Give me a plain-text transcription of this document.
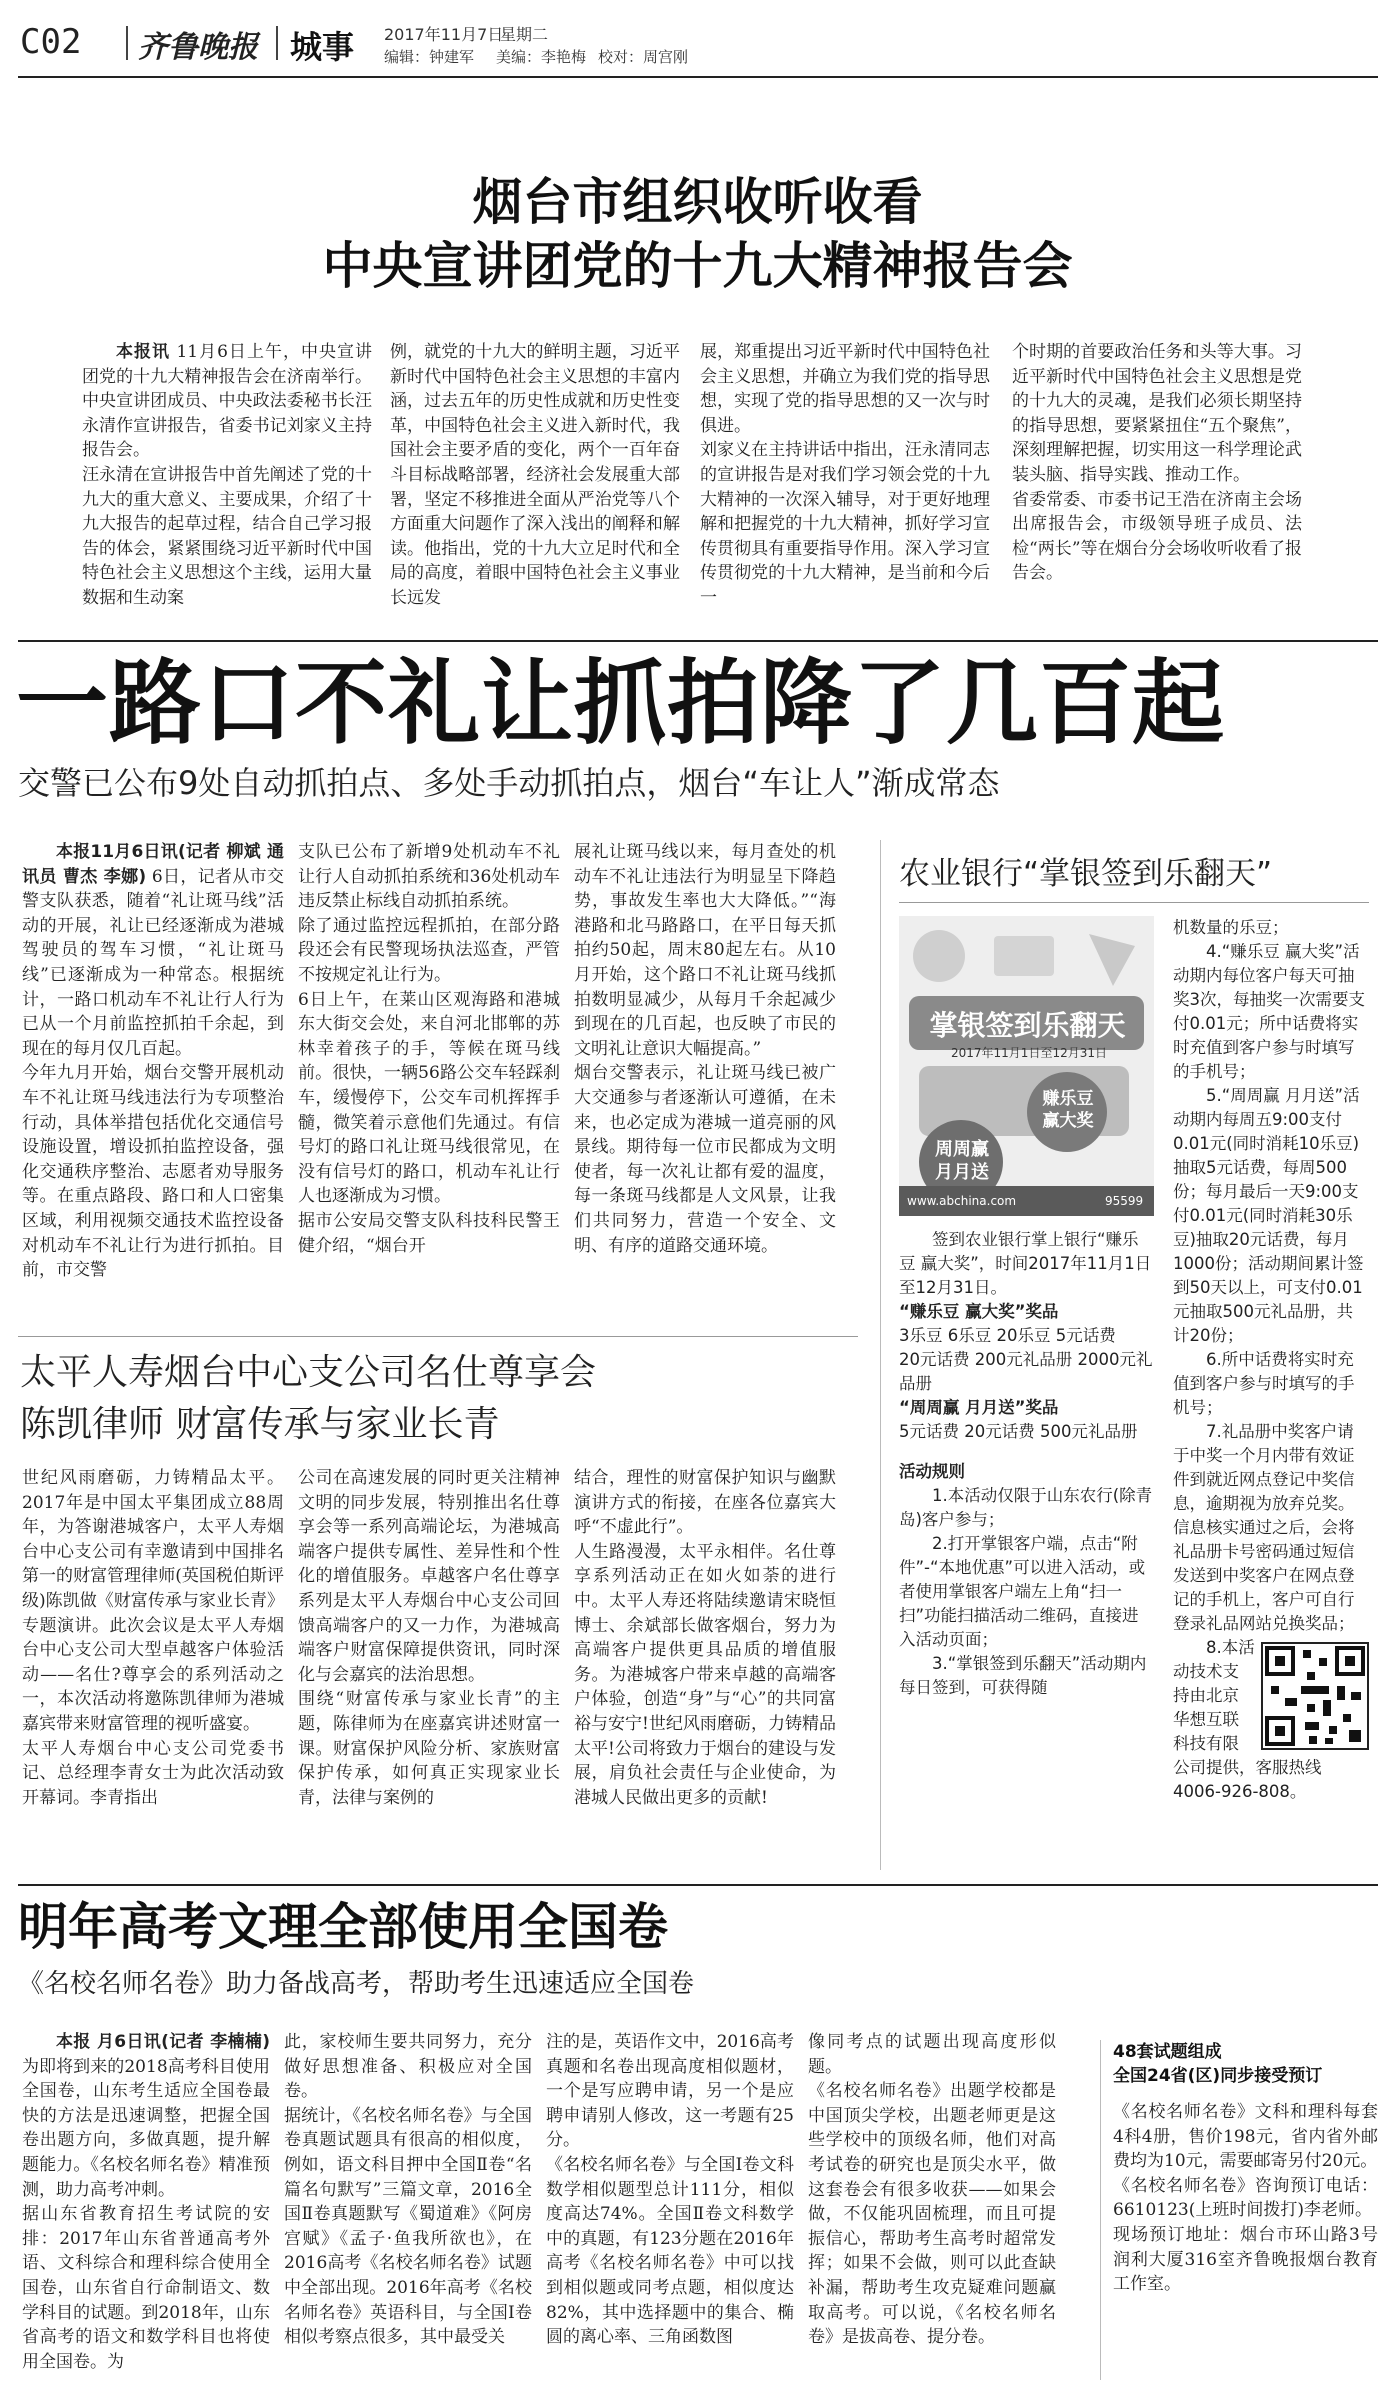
C02 齐鲁晚报 城事 2017年11月7日
星期二
编辑：钟建军 美编：李艳梅 校对：周宫刚
烟台市组织收听收看
中央宣讲团党的十九大精神报告会
本报讯 11月6日上午，中央宣讲团党的十九大精神报告会在济南举行。中央宣讲团成员、中央政法委秘书长汪永清作宣讲报告，省委书记刘家义主持报告会。
汪永清在宣讲报告中首先阐述了党的十九大的重大意义、主要成果，介绍了十九大报告的起草过程，结合自己学习报告的体会，紧紧围绕习近平新时代中国特色社会主义思想这个主线，运用大量数据和生动案
例，就党的十九大的鲜明主题，习近平新时代中国特色社会主义思想的丰富内涵，过去五年的历史性成就和历史性变革，中国特色社会主义进入新时代，我国社会主要矛盾的变化，两个一百年奋斗目标战略部署，经济社会发展重大部署，坚定不移推进全面从严治党等八个方面重大问题作了深入浅出的阐释和解读。他指出，党的十九大立足时代和全局的高度，着眼中国特色社会主义事业长远发
展，郑重提出习近平新时代中国特色社会主义思想，并确立为我们党的指导思想，实现了党的指导思想的又一次与时俱进。
刘家义在主持讲话中指出，汪永清同志的宣讲报告是对我们学习领会党的十九大精神的一次深入辅导，对于更好地理解和把握党的十九大精神，抓好学习宣传贯彻具有重要指导作用。深入学习宣传贯彻党的十九大精神，是当前和今后一
个时期的首要政治任务和头等大事。习近平新时代中国特色社会主义思想是党的十九大的灵魂，是我们必须长期坚持的指导思想，要紧紧扭住“五个聚焦”，深刻理解把握，切实用这一科学理论武装头脑、指导实践、推动工作。
省委常委、市委书记王浩在济南主会场出席报告会，市级领导班子成员、法检“两长”等在烟台分会场收听收看了报告会。
一路口不礼让抓拍降了几百起
交警已公布9处自动抓拍点、多处手动抓拍点，烟台“车让人”渐成常态
本报11月6日讯(记者 柳斌 通讯员 曹杰 李娜) 6日，记者从市交警支队获悉，随着“礼让斑马线”活动的开展，礼让已经逐渐成为港城驾驶员的驾车习惯，“礼让斑马线”已逐渐成为一种常态。根据统计，一路口机动车不礼让行人行为已从一个月前监控抓拍千余起，到现在的每月仅几百起。
今年九月开始，烟台交警开展机动车不礼让斑马线违法行为专项整治行动，具体举措包括优化交通信号设施设置，增设抓拍监控设备，强化交通秩序整治、志愿者劝导服务等。在重点路段、路口和人口密集区域，利用视频交通技术监控设备对机动车不礼让行为进行抓拍。目前，市交警
支队已公布了新增9处机动车不礼让行人自动抓拍系统和36处机动车违反禁止标线自动抓拍系统。
除了通过监控远程抓拍，在部分路段还会有民警现场执法巡查，严管不按规定礼让行为。
6日上午，在莱山区观海路和港城东大街交会处，来自河北邯郸的苏林幸着孩子的手，等候在斑马线前。很快，一辆56路公交车轻踩刹车，缓慢停下，公交车司机挥挥手髓，微笑着示意他们先通过。有信号灯的路口礼让斑马线很常见，在没有信号灯的路口，机动车礼让行人也逐渐成为习惯。
据市公安局交警支队科技科民警王健介绍，“烟台开
展礼让斑马线以来，每月查处的机动车不礼让违法行为明显呈下降趋势，事故发生率也大大降低。”“海港路和北马路路口，在平日每天抓拍约50起，周末80起左右。从10月开始，这个路口不礼让斑马线抓拍数明显减少，从每月千余起减少到现在的几百起，也反映了市民的文明礼让意识大幅提高。”
烟台交警表示，礼让斑马线已被广大交通参与者逐渐认可遵循，在未来，也必定成为港城一道亮丽的风景线。期待每一位市民都成为文明使者，每一次礼让都有爱的温度，每一条斑马线都是人文风景，让我们共同努力，营造一个安全、文明、有序的道路交通环境。
农业银行“掌银签到乐翻天”
掌银签到乐翻天
2017年11月1日至12月31日
赚乐豆 赢大奖
周周赢 月月送
www.abchina.com	95599

签到农业银行掌上银行“赚乐豆 赢大奖”，时间2017年11月1日至12月31日。

“赚乐豆 赢大奖”奖品

3乐豆 6乐豆 20乐豆 5元话费

20元话费 200元礼品册 2000元礼品册

“周周赢 月月送”奖品

5元话费 20元话费 500元礼品册

活动规则

1.本活动仅限于山东农行(除青岛)客户参与；

2.打开掌银客户端，点击“附件”-“本地优惠”可以进入活动，或者使用掌银客户端左上角“扫一扫”功能扫描活动二维码，直接进入活动页面；

3.“掌银签到乐翻天”活动期内每日签到，可获得随

机数量的乐豆；

4.“赚乐豆 赢大奖”活动期内每位客户每天可抽奖3次，每抽奖一次需要支付0.01元；所中话费将实时充值到客户参与时填写的手机号；

5.“周周赢 月月送”活动期内每周五9:00支付0.01元(同时消耗10乐豆)抽取5元话费，每周500份；每月最后一天9:00支付0.01元(同时消耗30乐豆)抽取20元话费，每月1000份；活动期间累计签到50天以上，可支付0.01元抽取500元礼品册，共计20份；

6.所中话费将实时充值到客户参与时填写的手机号；

7.礼品册中奖客户请于中奖一个月内带有效证件到就近网点登记中奖信息，逾期视为放弃兑奖。信息核实通过之后，会将礼品册卡号密码通过短信发送到中奖客户在网点登记的手机上，客户可自行登录礼品网站兑换奖品；

8.本活动技术支持由北京华想互联科技有限公司提供，客服热线4006-926-808。

太平人寿烟台中心支公司名仕尊享会
陈凯律师 财富传承与家业长青
世纪风雨磨砺，力铸精品太平。2017年是中国太平集团成立88周年，为答谢港城客户，太平人寿烟台中心支公司有幸邀请到中国排名第一的财富管理律师(英国税伯斯评级)陈凯做《财富传承与家业长青》专题演讲。此次会议是太平人寿烟台中心支公司大型卓越客户体验活动——名仕?尊享会的系列活动之一，本次活动将邀陈凯律师为港城嘉宾带来财富管理的视听盛宴。
太平人寿烟台中心支公司党委书记、总经理李青女士为此次活动致开幕词。李青指出
公司在高速发展的同时更关注精神文明的同步发展，特别推出名仕尊享会等一系列高端论坛，为港城高端客户提供专属性、差异性和个性化的增值服务。卓越客户名仕尊享系列是太平人寿烟台中心支公司回馈高端客户的又一力作，为港城高端客户财富保障提供资讯，同时深化与会嘉宾的法治思想。
围绕“财富传承与家业长青”的主题，陈律师为在座嘉宾讲述财富一课。财富保护风险分析、家族财富保护传承，如何真正实现家业长青，法律与案例的
结合，理性的财富保护知识与幽默演讲方式的衔接，在座各位嘉宾大呼“不虚此行”。
人生路漫漫，太平永相伴。名仕尊享系列活动正在如火如荼的进行中。太平人寿还将陆续邀请宋晓恒博士、余斌部长做客烟台，努力为高端客户提供更具品质的增值服务。为港城客户带来卓越的高端客户体验，创造“身”与“心”的共同富裕与安宁!世纪风雨磨砺，力铸精品太平!公司将致力于烟台的建设与发展，肩负社会责任与企业使命，为港城人民做出更多的贡献!
明年高考文理全部使用全国卷
《名校名师名卷》助力备战高考，帮助考生迅速适应全国卷
本报 月6日讯(记者 李楠楠) 为即将到来的2018高考科目使用全国卷，山东考生适应全国卷最快的方法是迅速调整，把握全国卷出题方向，多做真题，提升解题能力。《名校名师名卷》精准预测，助力高考冲刺。
据山东省教育招生考试院的安排：2017年山东省普通高考外语、文科综合和理科综合使用全国卷，山东省自行命制语文、数学科目的试题。到2018年，山东省高考的语文和数学科目也将使用全国卷。为
此，家校师生要共同努力，充分做好思想准备、积极应对全国卷。
据统计，《名校名师名卷》与全国卷真题试题具有很高的相似度，例如，语文科目押中全国Ⅱ卷“名篇名句默写”三篇文章，2016全国Ⅱ卷真题默写《蜀道难》《阿房宫赋》《孟子·鱼我所欲也》，在2016高考《名校名师名卷》试题中全部出现。2016年高考《名校名师名卷》英语科目，与全国Ⅰ卷相似考察点很多，其中最受关
注的是，英语作文中，2016高考真题和名卷出现高度相似题材，一个是写应聘申请，另一个是应聘申请别人修改，这一考题有25分。
《名校名师名卷》与全国Ⅰ卷文科数学相似题型总计111分，相似度高达74%。全国Ⅱ卷文科数学中的真题，有123分题在2016年高考《名校名师名卷》中可以找到相似题或同考点题，相似度达82%，其中选择题中的集合、椭圆的离心率、三角函数图
像同考点的试题出现高度形似题。
《名校名师名卷》出题学校都是中国顶尖学校，出题老师更是这些学校中的顶级名师，他们对高考试卷的研究也是顶尖水平，做这套卷会有很多收获——如果会做，不仅能巩固梳理，而且可提振信心，帮助考生高考时超常发挥；如果不会做，则可以此查缺补漏，帮助考生攻克疑难问题赢取高考。可以说，《名校名师名卷》是拔高卷、提分卷。
48套试题组成
全国24省(区)同步接受预订
《名校名师名卷》文科和理科每套4科4册，售价198元，省内省外邮费均为10元，需要邮寄另付20元。
《名校名师名卷》咨询预订电话：6610123(上班时间拨打)李老师。
现场预订地址：烟台市环山路3号润利大厦316室齐鲁晚报烟台教育工作室。
